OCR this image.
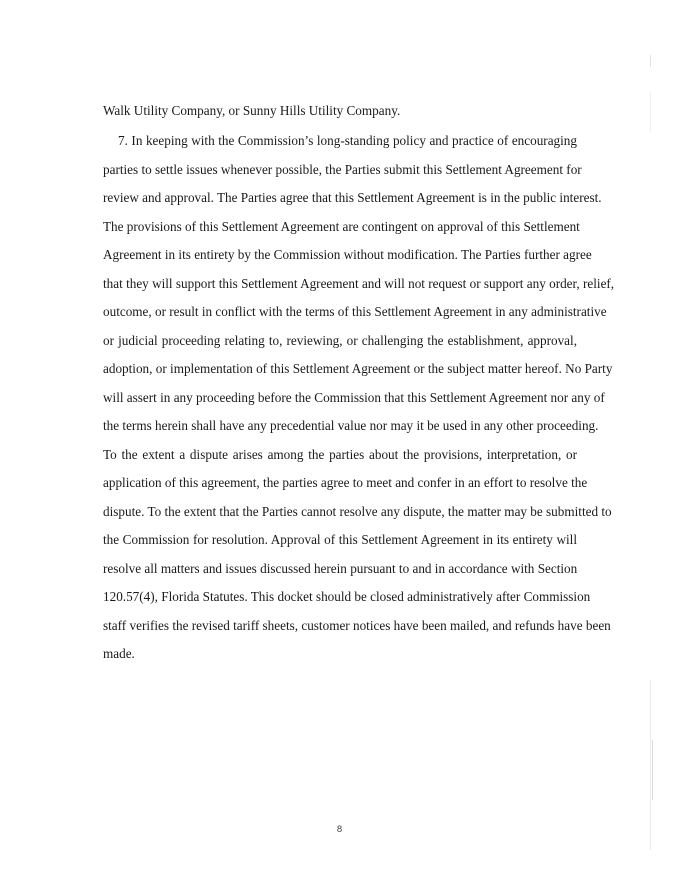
Walk Utility Company, or Sunny Hills Utility Company.
7. In keeping with the Commission’s long-standing policy and practice of encouraging
parties to settle issues whenever possible, the Parties submit this Settlement Agreement for
review and approval. The Parties agree that this Settlement Agreement is in the public interest.
The provisions of this Settlement Agreement are contingent on approval of this Settlement
Agreement in its entirety by the Commission without modification. The Parties further agree
that they will support this Settlement Agreement and will not request or support any order, relief,
outcome, or result in conflict with the terms of this Settlement Agreement in any administrative
or judicial proceeding relating to, reviewing, or challenging the establishment, approval,
adoption, or implementation of this Settlement Agreement or the subject matter hereof. No Party
will assert in any proceeding before the Commission that this Settlement Agreement nor any of
the terms herein shall have any precedential value nor may it be used in any other proceeding.
To the extent a dispute arises among the parties about the provisions, interpretation, or
application of this agreement, the parties agree to meet and confer in an effort to resolve the
dispute. To the extent that the Parties cannot resolve any dispute, the matter may be submitted to
the Commission for resolution. Approval of this Settlement Agreement in its entirety will
resolve all matters and issues discussed herein pursuant to and in accordance with Section
120.57(4), Florida Statutes. This docket should be closed administratively after Commission
staff verifies the revised tariff sheets, customer notices have been mailed, and refunds have been
made.
8
